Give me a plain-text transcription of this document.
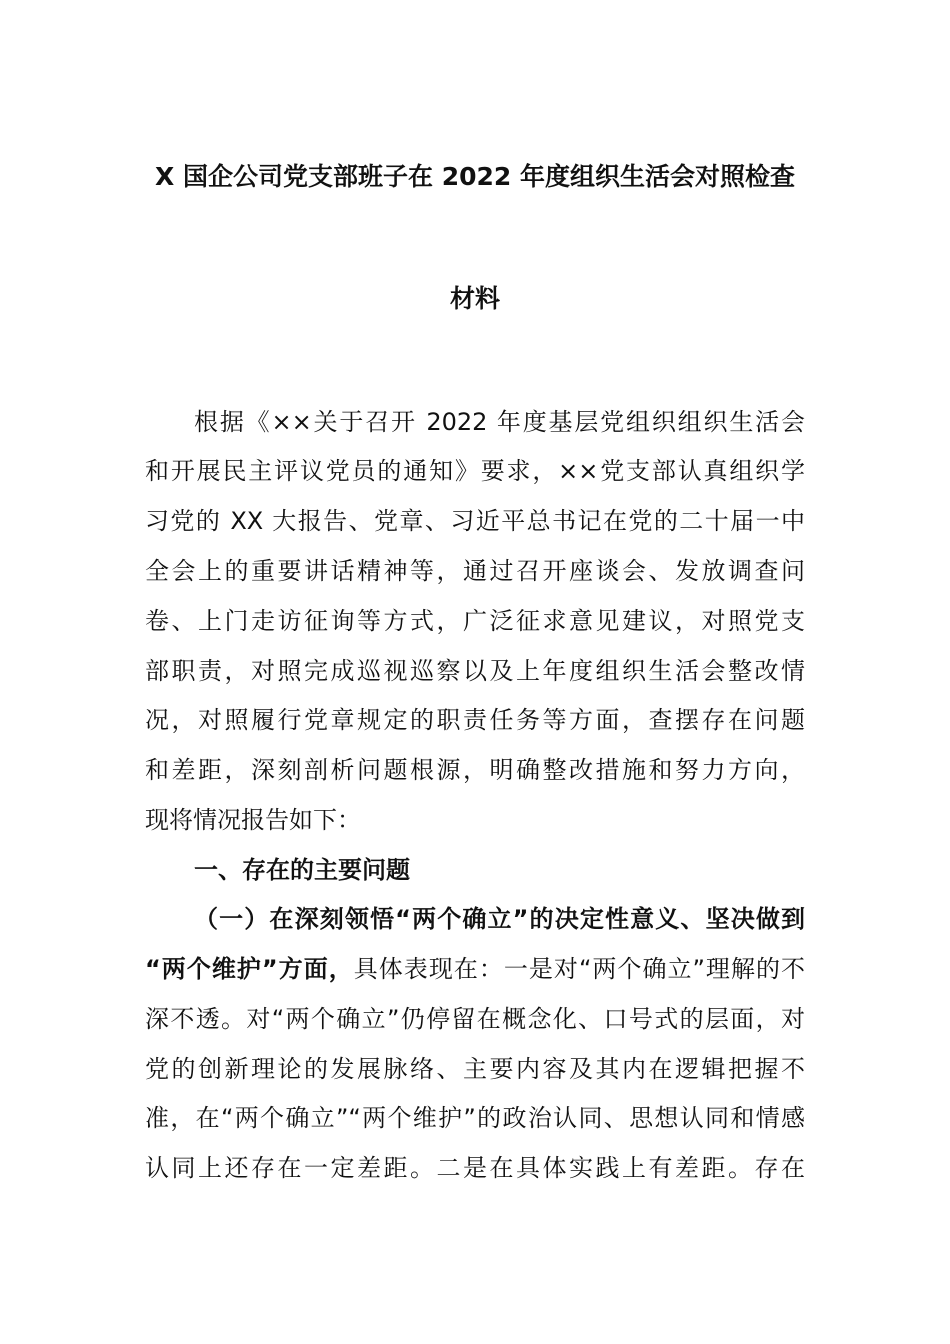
X 国企公司党支部班子在 2022 年度组织生活会对照检查
材料
根据《××关于召开 2022 年度基层党组织组织生活会
和开展民主评议党员的通知》要求，××党支部认真组织学
习党的 XX 大报告、党章、习近平总书记在党的二十届一中
全会上的重要讲话精神等，通过召开座谈会、发放调查问
卷、上门走访征询等方式，广泛征求意见建议，对照党支
部职责，对照完成巡视巡察以及上年度组织生活会整改情
况，对照履行党章规定的职责任务等方面，查摆存在问题
和差距，深刻剖析问题根源，明确整改措施和努力方向，
现将情况报告如下：
一、存在的主要问题
（一）在深刻领悟“两个确立”的决定性意义、坚决做到
“两个维护”方面，具体表现在：一是对“两个确立”理解的不
深不透。对“两个确立”仍停留在概念化、口号式的层面，对
党的创新理论的发展脉络、主要内容及其内在逻辑把握不
准，在“两个确立”“两个维护”的政治认同、思想认同和情感
认同上还存在一定差距。二是在具体实践上有差距。存在
